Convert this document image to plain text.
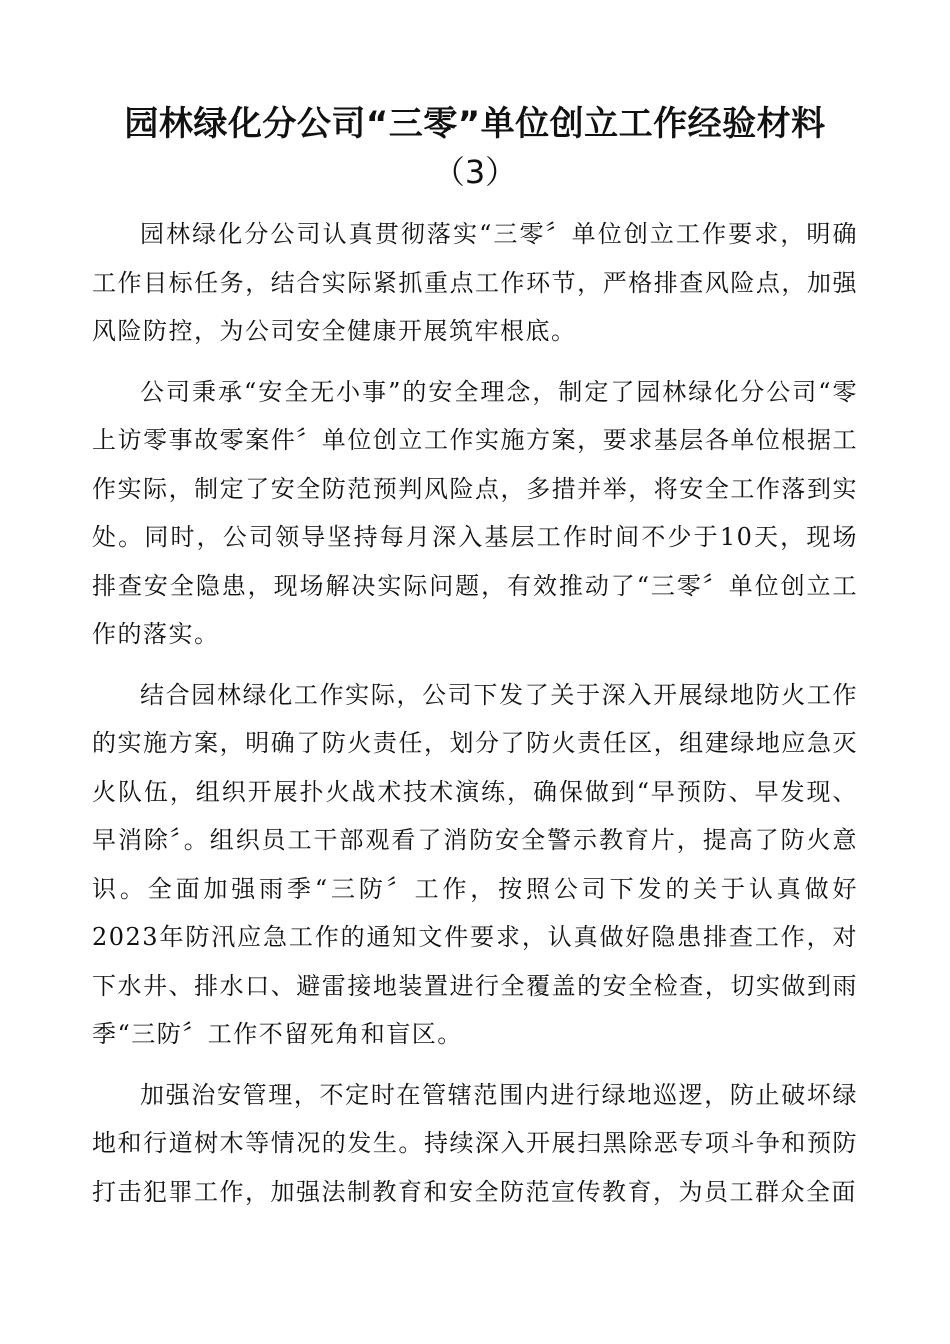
园林绿化分公司“三零”单位创立工作经验材料
（3）

园林绿化分公司认真贯彻落实“三零〞单位创立工作要求，明确工作目标任务，结合实际紧抓重点工作环节，严格排查风险点，加强风险防控，为公司安全健康开展筑牢根底。

公司秉承“安全无小事”的安全理念，制定了园林绿化分公司“零上访零事故零案件〞单位创立工作实施方案，要求基层各单位根据工作实际，制定了安全防范预判风险点，多措并举，将安全工作落到实处。同时，公司领导坚持每月深入基层工作时间不少于10天，现场排查安全隐患，现场解决实际问题，有效推动了“三零〞单位创立工作的落实。

结合园林绿化工作实际，公司下发了关于深入开展绿地防火工作的实施方案，明确了防火责任，划分了防火责任区，组建绿地应急灭火队伍，组织开展扑火战术技术演练，确保做到“早预防、早发现、早消除〞。组织员工干部观看了消防安全警示教育片，提高了防火意识。全面加强雨季“三防〞工作，按照公司下发的关于认真做好2023年防汛应急工作的通知文件要求，认真做好隐患排查工作，对下水井、排水口、避雷接地装置进行全覆盖的安全检查，切实做到雨季“三防〞工作不留死角和盲区。

加强治安管理，不定时在管辖范围内进行绿地巡逻，防止破坏绿地和行道树木等情况的发生。持续深入开展扫黑除恶专项斗争和预防打击犯罪工作，加强法制教育和安全防范宣传教育，为员工群众全面
